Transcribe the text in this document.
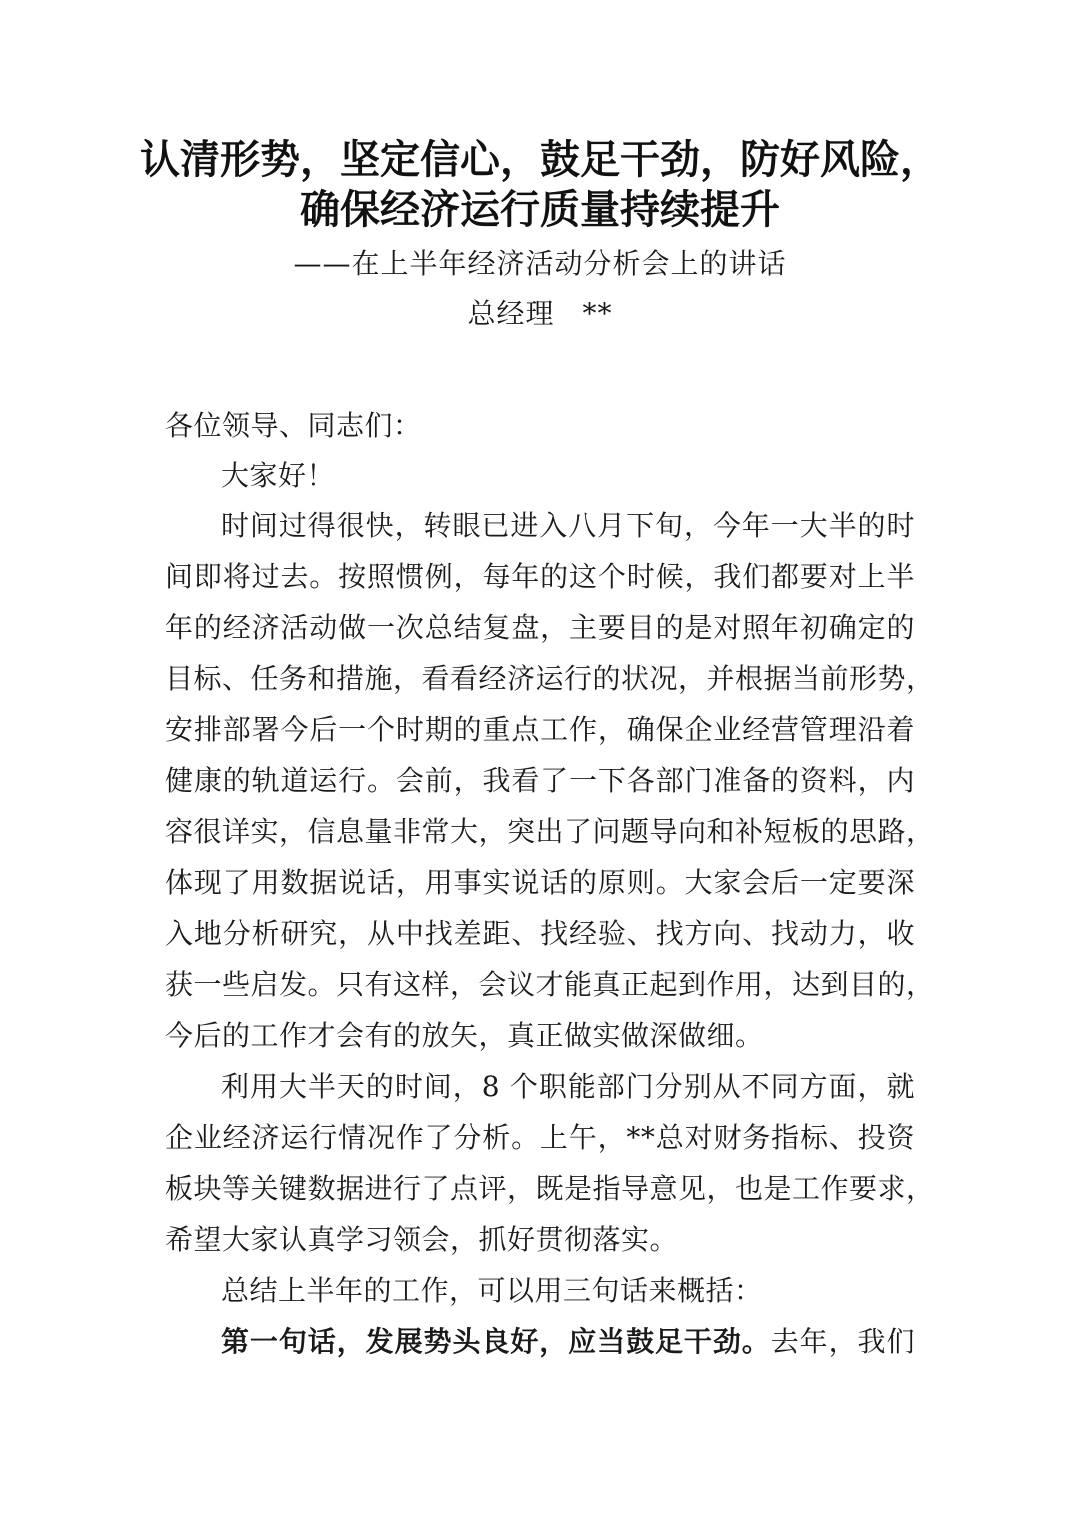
认清形势，坚定信心，鼓足干劲，防好风险，
确保经济运行质量持续提升
——在上半年经济活动分析会上的讲话
总经理 **
各位领导、同志们：
大家好！
时间过得很快，转眼已进入八月下旬，今年一大半的时
间即将过去。按照惯例，每年的这个时候，我们都要对上半
年的经济活动做一次总结复盘，主要目的是对照年初确定的
目标、任务和措施，看看经济运行的状况，并根据当前形势，
安排部署今后一个时期的重点工作，确保企业经营管理沿着
健康的轨道运行。会前，我看了一下各部门准备的资料，内
容很详实，信息量非常大，突出了问题导向和补短板的思路，
体现了用数据说话，用事实说话的原则。大家会后一定要深
入地分析研究，从中找差距、找经验、找方向、找动力，收
获一些启发。只有这样，会议才能真正起到作用，达到目的，
今后的工作才会有的放矢，真正做实做深做细。
利用大半天的时间，8 个职能部门分别从不同方面，就
企业经济运行情况作了分析。上午，**总对财务指标、投资
板块等关键数据进行了点评，既是指导意见，也是工作要求，
希望大家认真学习领会，抓好贯彻落实。
总结上半年的工作，可以用三句话来概括：
第一句话，发展势头良好，应当鼓足干劲。去年，我们
